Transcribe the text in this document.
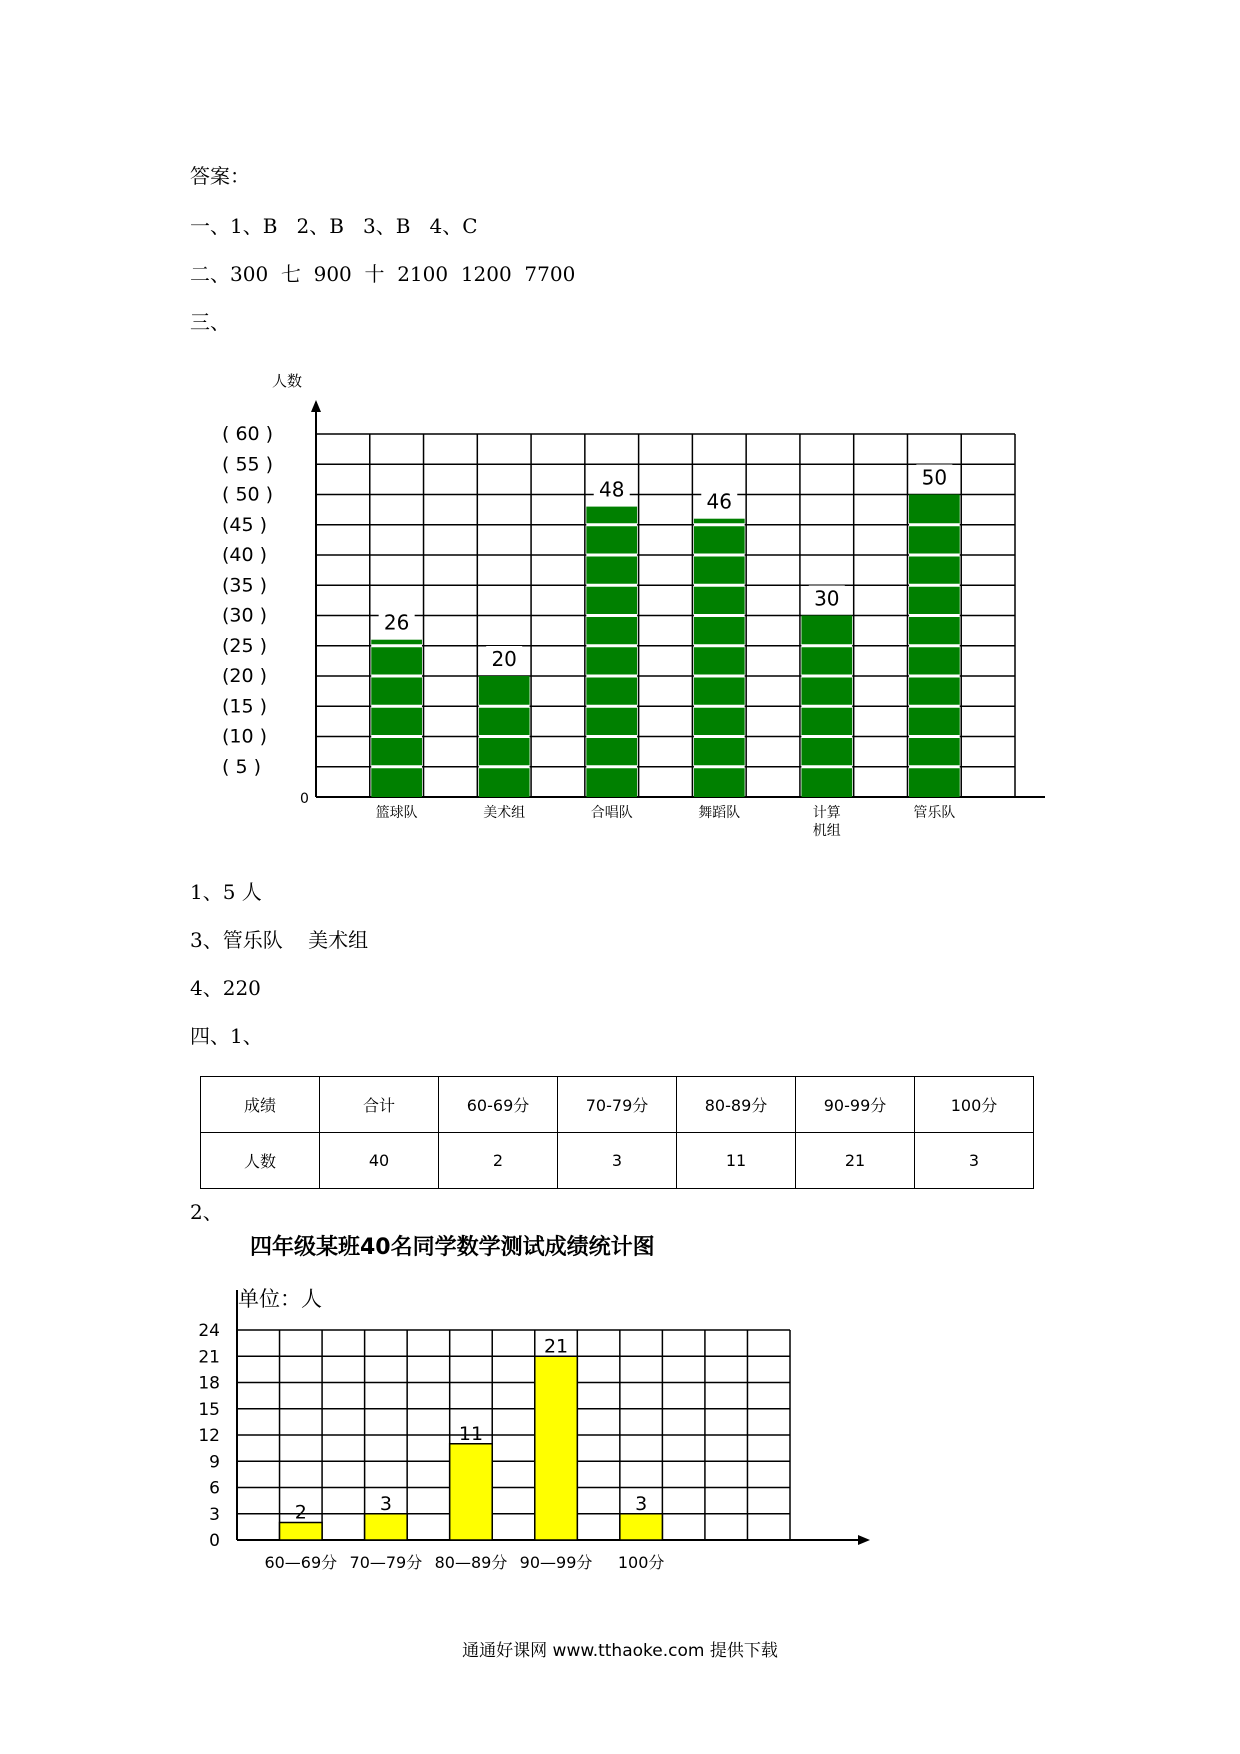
答案：
一、1、B   2、B   3、B   4、C
二、300  七  900  十  2100  1200  7700
三、
人数
0
( 60 )
( 55 )
( 50 )
(45 )
(40 )
(35 )
(30 )
(25 )
(20 )
(15 )
(10 )
( 5 )
26
篮球队
20
美术组
48
合唱队
46
舞蹈队
30
计算
机组
50
管乐队
1、5 人
3、管乐队    美术组
4、220
四、1、
成绩	合计	60-69分	70-79分	80-89分	90-99分	100分
人数	40	2	3	11	21	3
2、
四年级某班40名同学数学测试成绩统计图
单位：人
24
21
18
15
12
9
6
3
0
2
60—69分
3
70—79分
11
80—89分
21
90—99分
3
100分
通通好课网 www.tthaoke.com 提供下载
